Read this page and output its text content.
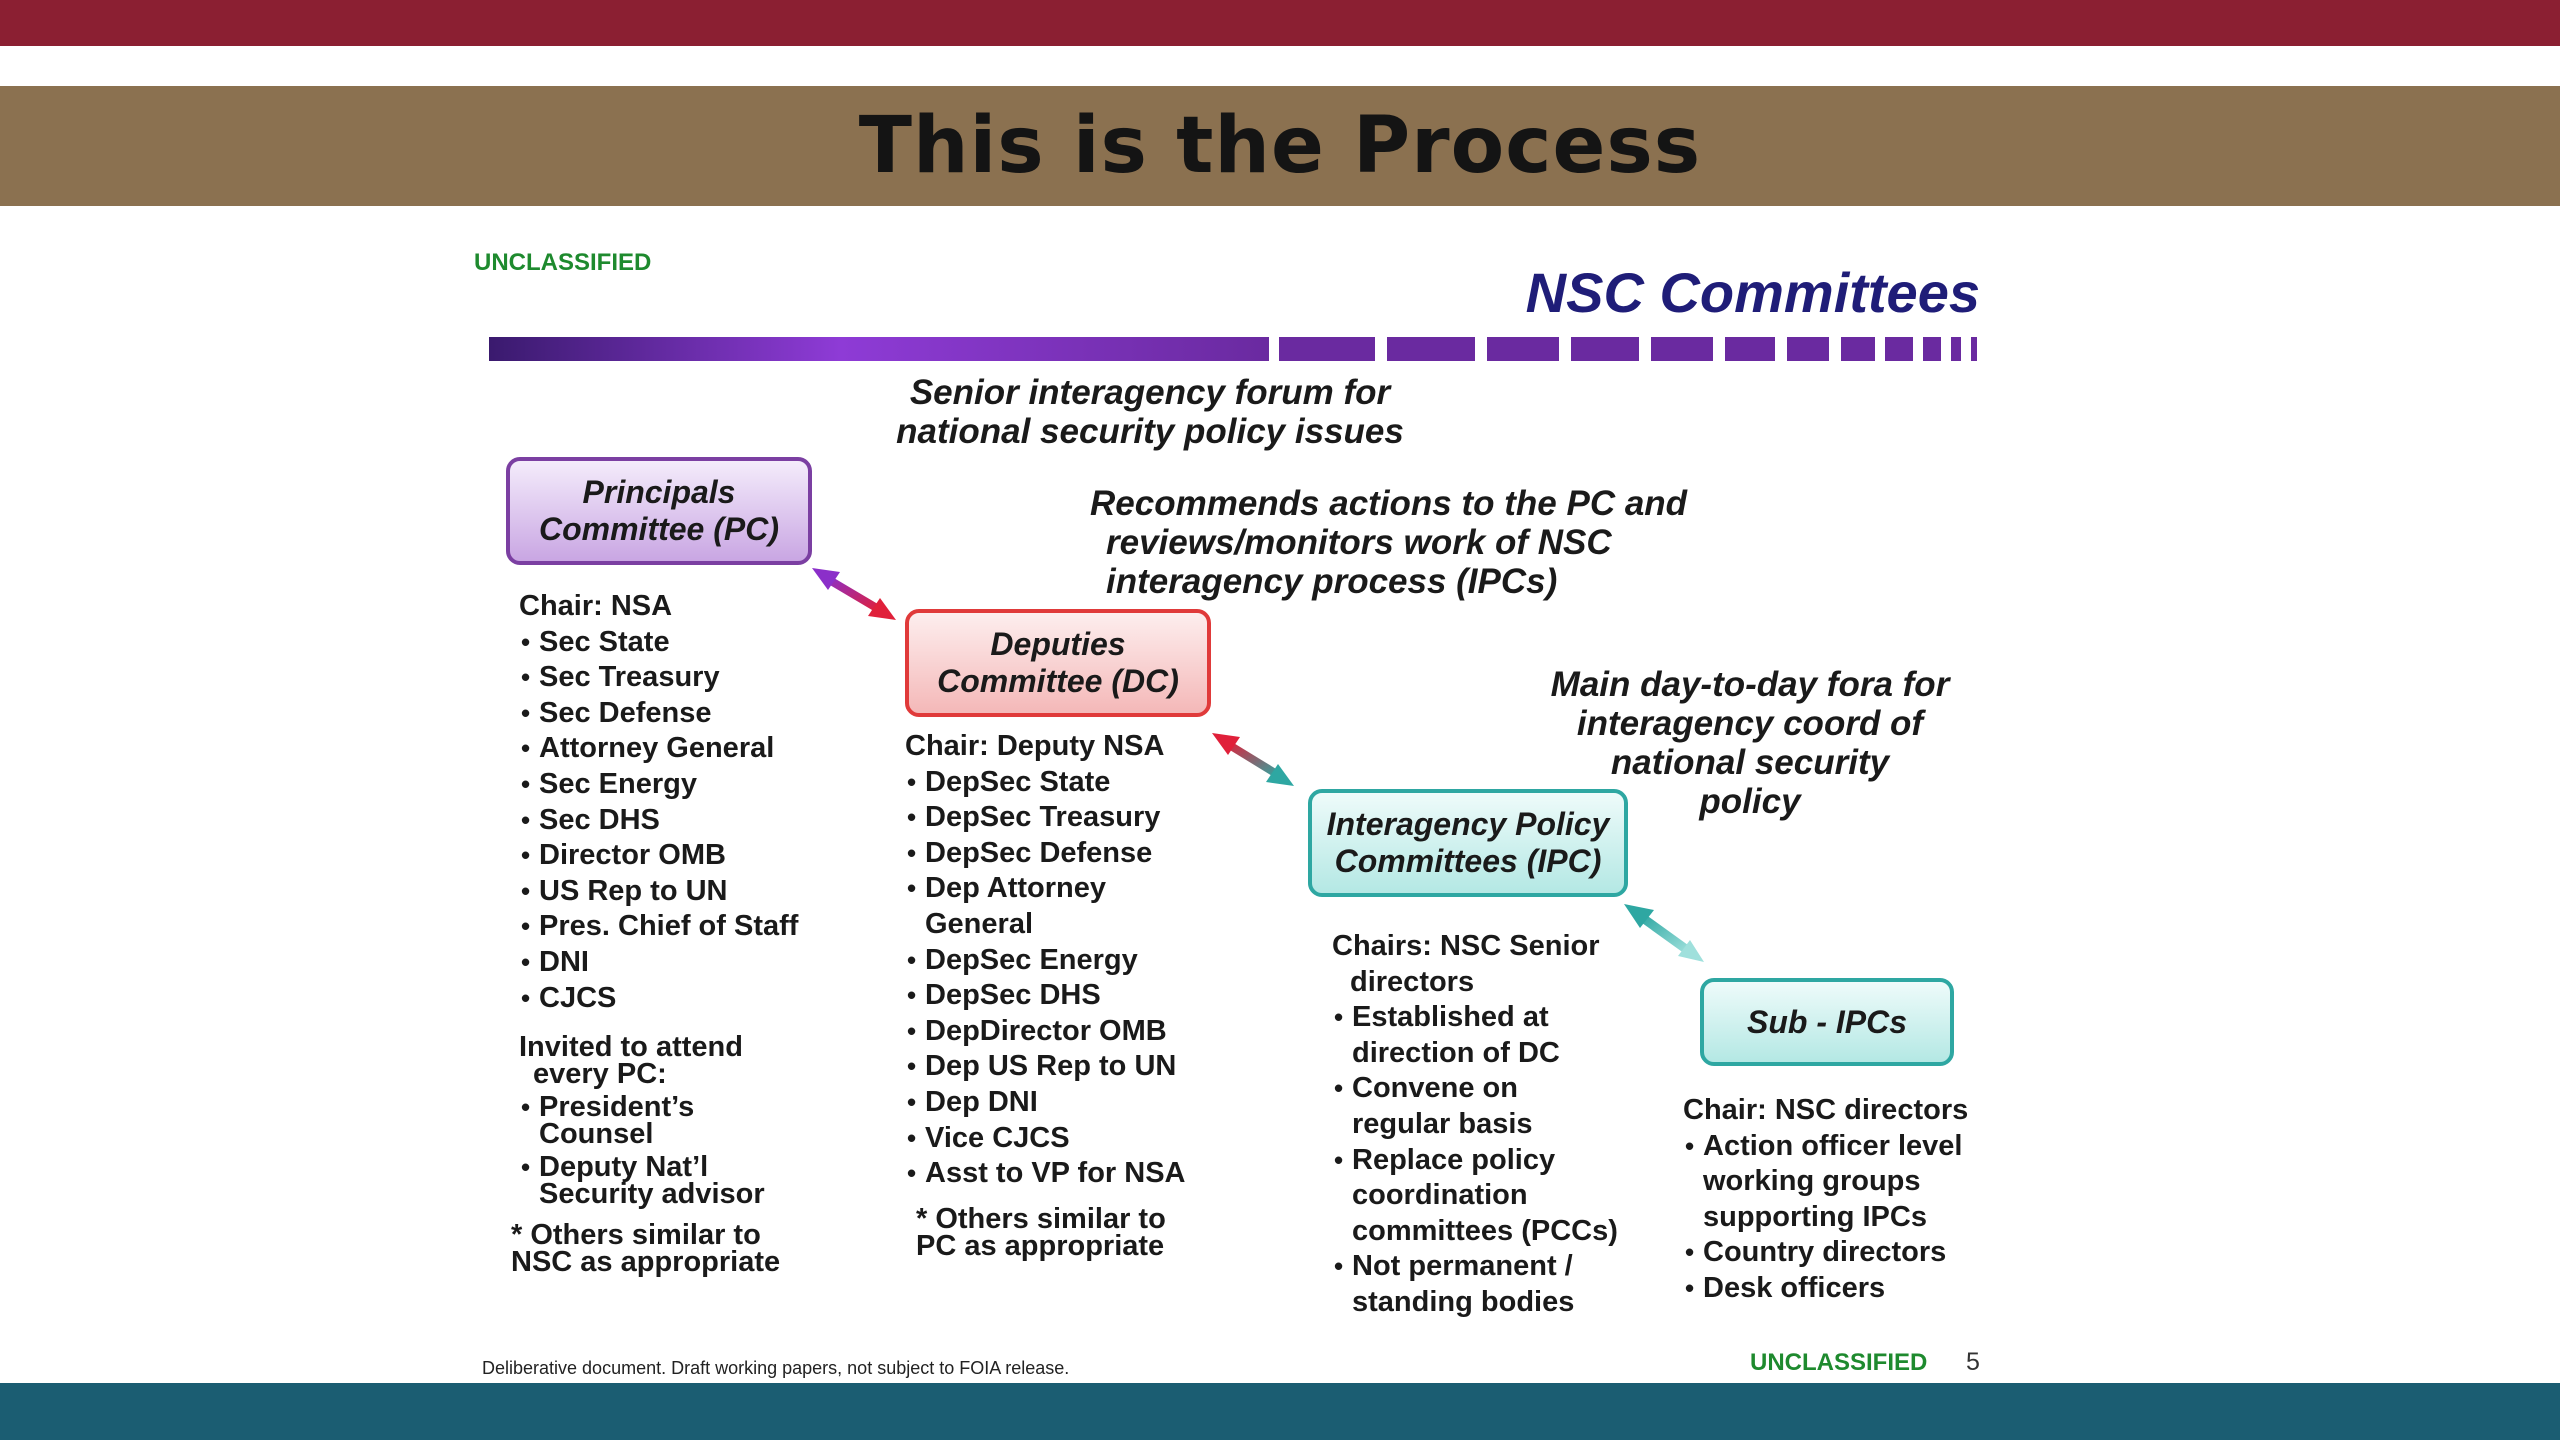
This is the Process
UNCLASSIFIED	NSC Committees
Senior interagency forum for
national security policy issues
Recommends actions to the PC and
reviews/monitors work of NSC
interagency process (IPCs)
Main day-to-day fora for
interagency coord of
national security
policy
Principals
Committee (PC)
Deputies
Committee (DC)
Interagency Policy
Committees (IPC)
Sub - IPCs
Chair: NSA
• Sec State
• Sec Treasury
• Sec Defense
• Attorney General
• Sec Energy
• Sec DHS
• Director OMB
• US Rep to UN
• Pres. Chief of Staff
• DNI
• CJCS
Invited to attend
every PC:
• President’s
Counsel
• Deputy Nat’l
Security advisor
* Others similar to
NSC as appropriate
Chair: Deputy NSA
• DepSec State
• DepSec Treasury
• DepSec Defense
• Dep Attorney
General
• DepSec Energy
• DepSec DHS
• DepDirector OMB
• Dep US Rep to UN
• Dep DNI
• Vice CJCS
• Asst to VP for NSA
* Others similar to
PC as appropriate
Chairs: NSC Senior
directors
• Established at
direction of DC
• Convene on
regular basis
• Replace policy
coordination
committees (PCCs)
• Not permanent /
standing bodies
Chair: NSC directors
• Action officer level
working groups
supporting IPCs
• Country directors
• Desk officers
Deliberative document. Draft working papers, not subject to FOIA release.	UNCLASSIFIED 5
